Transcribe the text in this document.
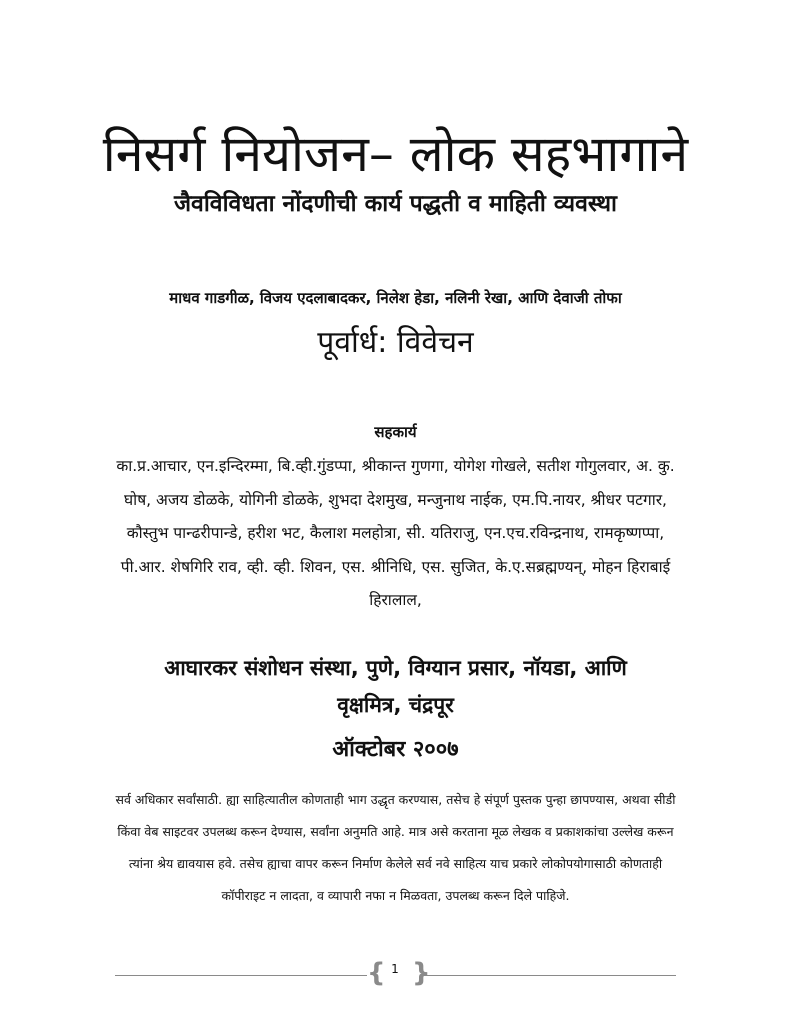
निसर्ग नियोजन– लोक सहभागाने
जैवविविधता नोंदणीची कार्य पद्धती व माहिती व्यवस्था
माधव गाडगीळ, विजय एदलाबादकर, निलेश हेडा, नलिनी रेखा, आणि देवाजी तोफा
पूर्वार्ध: विवेचन
सहकार्य
का.प्र.आचार, एन.इन्दिरम्मा, बि.व्ही.गुंडप्पा, श्रीकान्त गुणगा, योगेश गोखले, सतीश गोगुलवार, अ. कु. घोष, अजय डोळके, योगिनी डोळके, शुभदा देशमुख, मन्जुनाथ नाईक, एम.पि.नायर, श्रीधर पटगार, कौस्तुभ पान्ढरीपान्डे, हरीश भट, कैलाश मलहोत्रा, सी. यतिराजु, एन.एच.रविन्द्रनाथ, रामकृष्णप्पा, पी.आर. शेषगिरि राव, व्ही. व्ही. शिवन, एस. श्रीनिधि, एस. सुजित, के.ए.सब्रह्मण्यन्, मोहन हिराबाई हिरालाल,
आघारकर संशोधन संस्था, पुणे, विग्यान प्रसार, नॉयडा, आणि वृक्षमित्र, चंद्रपूर
ऑक्टोबर २००७
सर्व अधिकार सर्वांसाठी. ह्या साहित्यातील कोणताही भाग उद्धृत करण्यास, तसेच हे संपूर्ण पुस्तक पुन्हा छापण्यास, अथवा सीडी किंवा वेब साइटवर उपलब्ध करून देण्यास, सर्वांना अनुमति आहे. मात्र असे करताना मूळ लेखक व प्रकाशकांचा उल्लेख करून त्यांना श्रेय द्यावयास हवे. तसेच ह्याचा वापर करून निर्माण केलेले सर्व नवे साहित्य याच प्रकारे लोकोपयोगासाठी कोणताही कॉपीराइट न लादता, व व्यापारी नफा न मिळवता, उपलब्ध करून दिले पाहिजे.
{ }
1
